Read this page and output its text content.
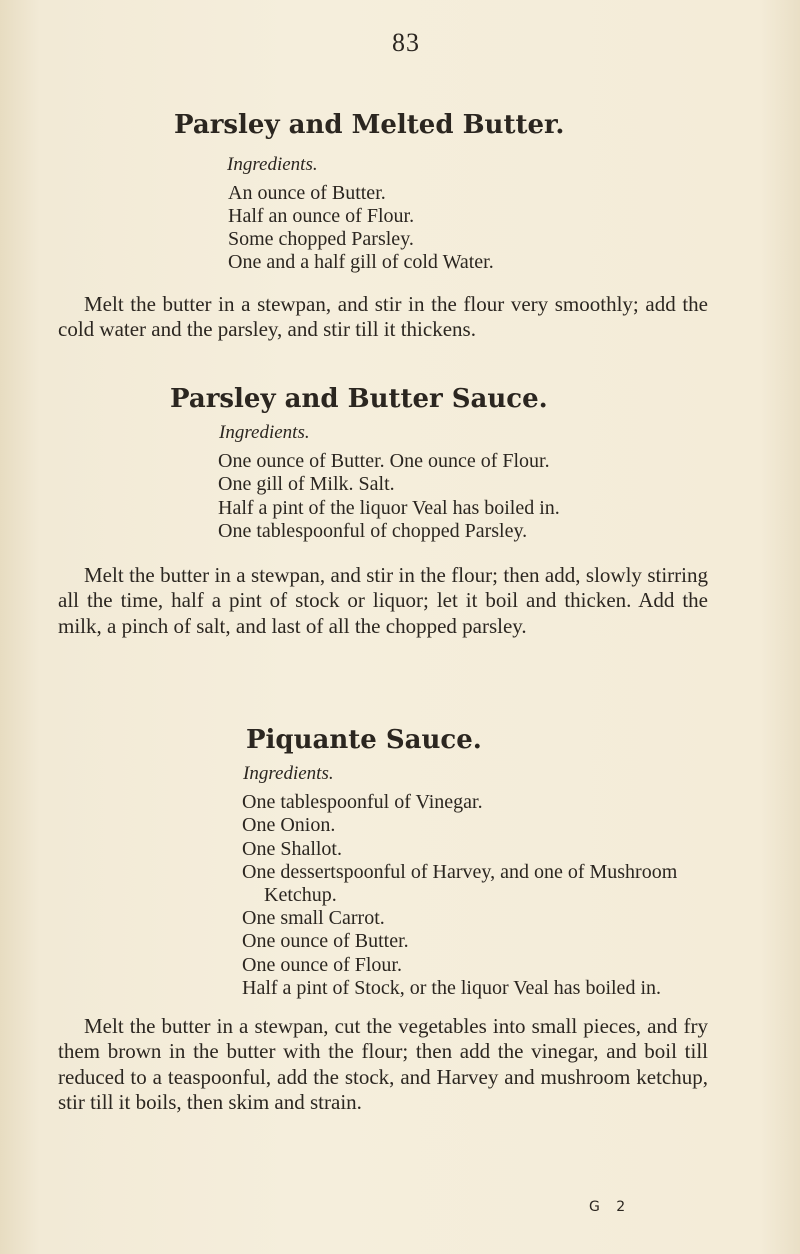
83
Parsley and Melted Butter.
Ingredients.
An ounce of Butter.
Half an ounce of Flour.
Some chopped Parsley.
One and a half gill of cold Water.

Melt the butter in a stewpan, and stir in the flour very smoothly; add the cold water and the parsley, and stir till it thickens.

Parsley and Butter Sauce.
Ingredients.
One ounce of Butter. One ounce of Flour.
One gill of Milk. Salt.
Half a pint of the liquor Veal has boiled in.
One tablespoonful of chopped Parsley.

Melt the butter in a stewpan, and stir in the flour; then add, slowly stirring all the time, half a pint of stock or liquor; let it boil and thicken. Add the milk, a pinch of salt, and last of all the chopped parsley.

Piquante Sauce.
Ingredients.
One tablespoonful of Vinegar.
One Onion.
One Shallot.
One dessertspoonful of Harvey, and one of Mushroom Ketchup.
One small Carrot.
One ounce of Butter.
One ounce of Flour.
Half a pint of Stock, or the liquor Veal has boiled in.

Melt the butter in a stewpan, cut the vegetables into small pieces, and fry them brown in the butter with the flour; then add the vinegar, and boil till reduced to a teaspoonful, add the stock, and Harvey and mushroom ketchup, stir till it boils, then skim and strain.

G 2
